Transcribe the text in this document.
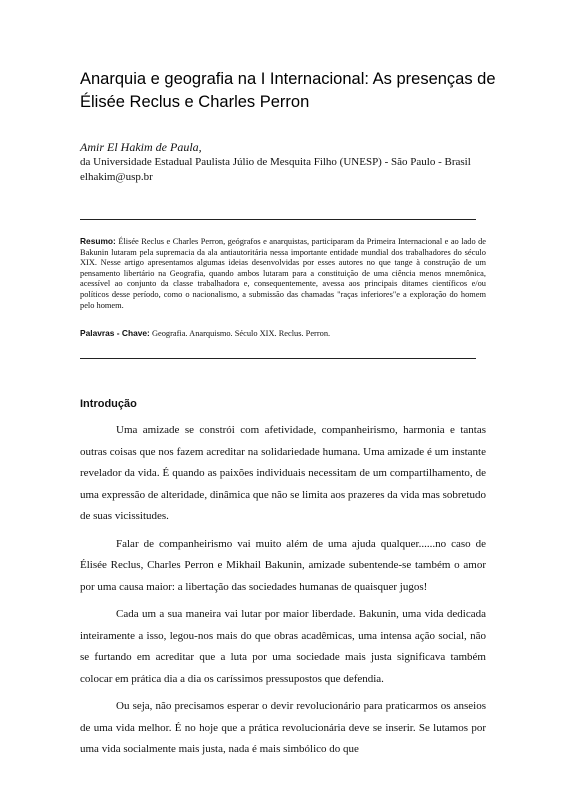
Anarquia e geografia na I Internacional: As presenças de Élisée Reclus e Charles Perron
Amir El Hakim de Paula,
da Universidade Estadual Paulista Júlio de Mesquita Filho (UNESP) - São Paulo - Brasil
elhakim@usp.br
Resumo: Élisée Reclus e Charles Perron, geógrafos e anarquistas, participaram da Primeira Internacional e ao lado de Bakunin lutaram pela supremacia da ala antiautoritária nessa importante entidade mundial dos trabalhadores do século XIX. Nesse artigo apresentamos algumas ideias desenvolvidas por esses autores no que tange à construção de um pensamento libertário na Geografia, quando ambos lutaram para a constituição de uma ciência menos mnemônica, acessível ao conjunto da classe trabalhadora e, consequentemente, avessa aos principais ditames científicos e/ou políticos desse período, como o nacionalismo, a submissão das chamadas "raças inferiores"e a exploração do homem pelo homem.
Palavras - Chave: Geografia. Anarquismo. Século XIX. Reclus. Perron.
Introdução

Uma amizade se constrói com afetividade, companheirismo, harmonia e tantas outras coisas que nos fazem acreditar na solidariedade humana. Uma amizade é um instante revelador da vida. É quando as paixões individuais necessitam de um compartilhamento, de uma expressão de alteridade, dinâmica que não se limita aos prazeres da vida mas sobretudo de suas vicissitudes.

Falar de companheirismo vai muito além de uma ajuda qualquer......no caso de Élisée Reclus, Charles Perron e Mikhail Bakunin, amizade subentende-se também o amor por uma causa maior: a libertação das sociedades humanas de quaisquer jugos!

Cada um a sua maneira vai lutar por maior liberdade. Bakunin, uma vida dedicada inteiramente a isso, legou-nos mais do que obras acadêmicas, uma intensa ação social, não se furtando em acreditar que a luta por uma sociedade mais justa significava também colocar em prática dia a dia os caríssimos pressupostos que defendia.

Ou seja, não precisamos esperar o devir revolucionário para praticarmos os anseios de uma vida melhor. É no hoje que a prática revolucionária deve se inserir. Se lutamos por uma vida socialmente mais justa, nada é mais simbólico do que
